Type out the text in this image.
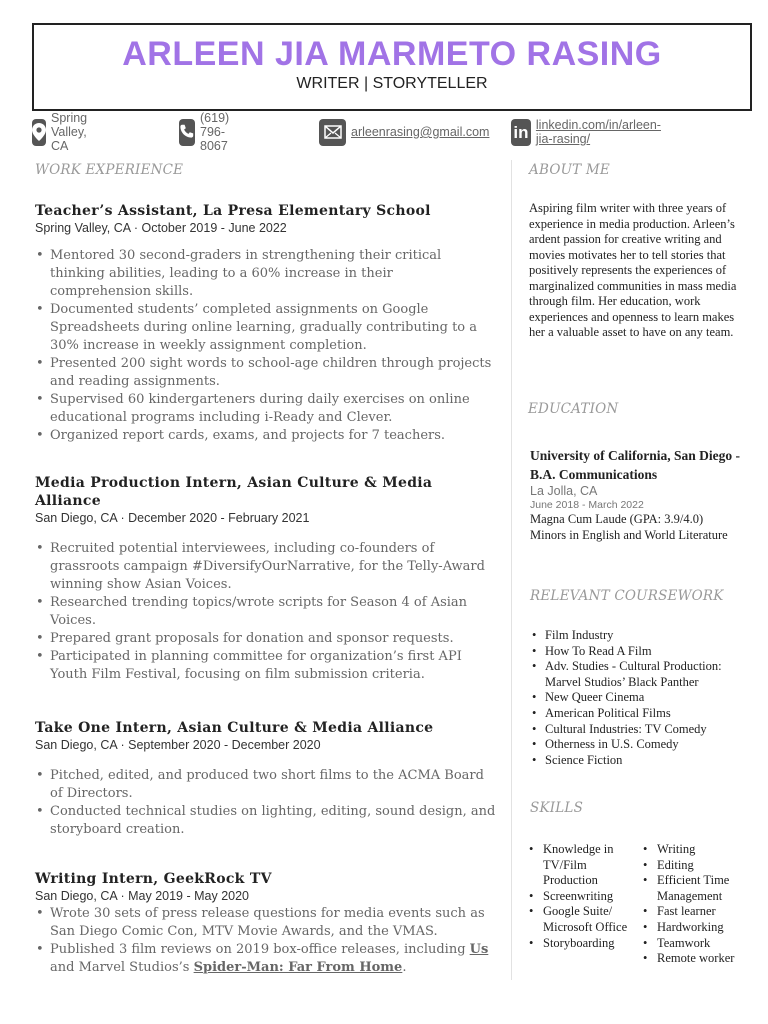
ARLEEN JIA MARMETO RASING
WRITER | STORYTELLER
Spring Valley, CA
(619) 796-8067
arleenrasing@gmail.com in linkedin.com/in/arleen-jia-rasing/
WORK EXPERIENCE
Teacher’s Assistant, La Presa Elementary School
Spring Valley, CA · October 2019 - June 2022
• Mentored 30 second-graders in strengthening their critical thinking abilities, leading to a 60% increase in their comprehension skills.
• Documented students’ completed assignments on Google Spreadsheets during online learning, gradually contributing to a 30% increase in weekly assignment completion.
• Presented 200 sight words to school-age children through projects and reading assignments.
• Supervised 60 kindergarteners during daily exercises on online educational programs including i-Ready and Clever.
• Organized report cards, exams, and projects for 7 teachers.
Media Production Intern, Asian Culture & Media Alliance
San Diego, CA · December 2020 - February 2021
• Recruited potential interviewees, including co-founders of grassroots campaign #DiversifyOurNarrative, for the Telly-Award winning show Asian Voices.
• Researched trending topics/wrote scripts for Season 4 of Asian Voices.
• Prepared grant proposals for donation and sponsor requests.
• Participated in planning committee for organization’s first API Youth Film Festival, focusing on film submission criteria.
Take One Intern, Asian Culture & Media Alliance
San Diego, CA · September 2020 - December 2020
• Pitched, edited, and produced two short films to the ACMA Board of Directors.
• Conducted technical studies on lighting, editing, sound design, and storyboard creation.
Writing Intern, GeekRock TV
San Diego, CA · May 2019 - May 2020
• Wrote 30 sets of press release questions for media events such as San Diego Comic Con, MTV Movie Awards, and the VMAS.
• Published 3 film reviews on 2019 box-office releases, including Us and Marvel Studios’s Spider-Man: Far From Home.
ABOUT ME
Aspiring film writer with three years of experience in media production. Arleen’s ardent passion for creative writing and movies motivates her to tell stories that positively represents the experiences of marginalized communities in mass media through film. Her education, work experiences and openness to learn makes her a valuable asset to have on any team.
EDUCATION
University of California, San Diego - B.A. Communications
La Jolla, CA
June 2018 - March 2022
Magna Cum Laude (GPA: 3.9/4.0)
Minors in English and World Literature
RELEVANT COURSEWORK
• Film Industry
• How To Read A Film
• Adv. Studies - Cultural Production: Marvel Studios’ Black Panther
• New Queer Cinema
• American Political Films
• Cultural Industries: TV Comedy
• Otherness in U.S. Comedy
• Science Fiction
SKILLS
• Knowledge in TV/Film Production
• Screenwriting
• Google Suite/ Microsoft Office
• Storyboarding
• Writing
• Editing
• Efficient Time Management
• Fast learner
• Hardworking
• Teamwork
• Remote worker
